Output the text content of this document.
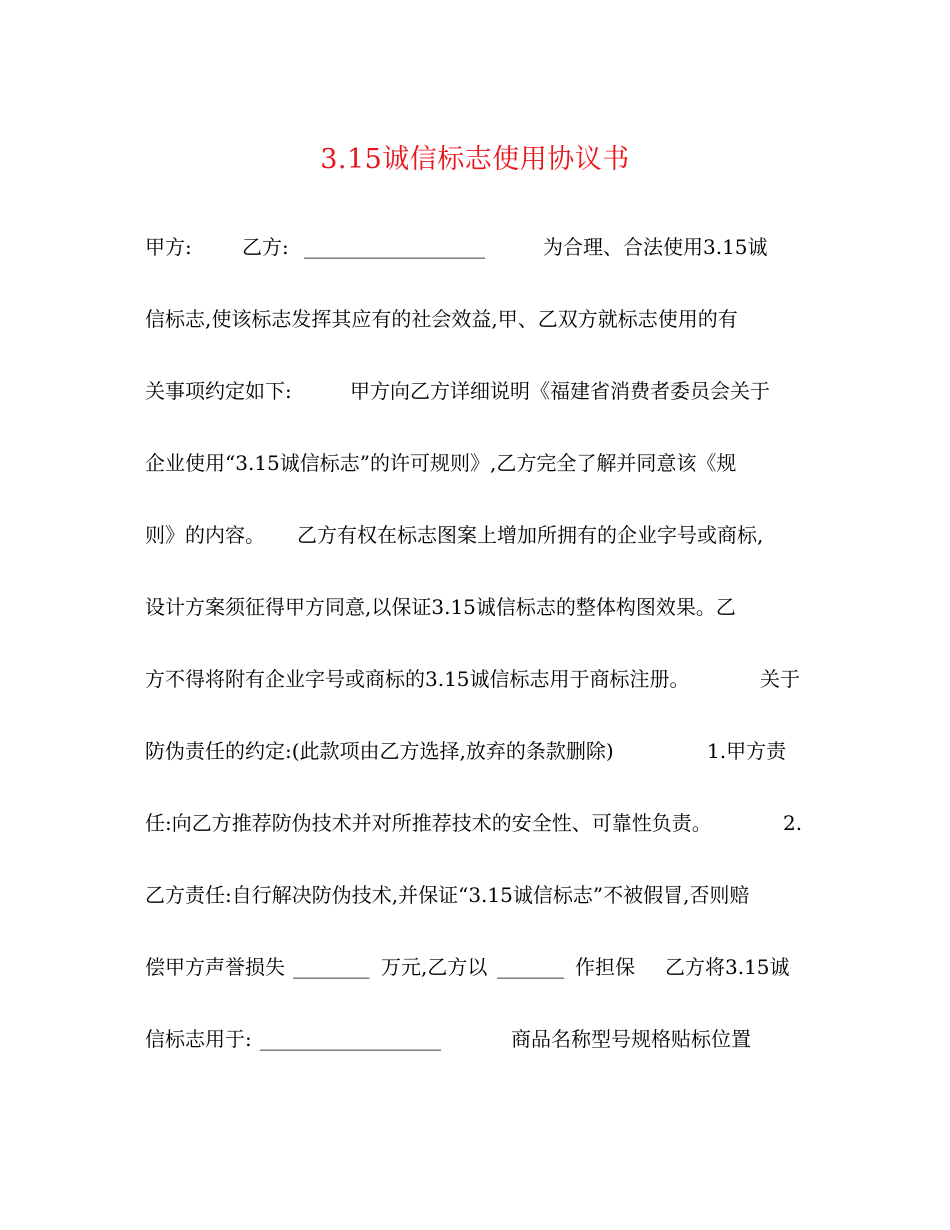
3.15诚信标志使用协议书
甲方:	乙方: ___________________	为合理、合法使用3.15诚
信标志,使该标志发挥其应有的社会效益,甲、乙双方就标志使用的有
关事项约定如下:	甲方向乙方详细说明《福建省消费者委员会关于
企业使用“3.15诚信标志”的许可规则》,乙方完全了解并同意该《规
则》的内容。 乙方有权在标志图案上增加所拥有的企业字号或商标,
设计方案须征得甲方同意,以保证3.15诚信标志的整体构图效果。乙
方不得将附有企业字号或商标的3.15诚信标志用于商标注册。	关于
防伪责任的约定:(此款项由乙方选择,放弃的条款删除)	1.甲方责
任:向乙方推荐防伪技术并对所推荐技术的安全性、可靠性负责。	2.
乙方责任:自行解决防伪技术,并保证“3.15诚信标志”不被假冒,否则赔
偿甲方声誉损失 ________ 万元,乙方以 _______ 作担保 乙方将3.15诚
信标志用于: ___________________	商品名称型号规格贴标位置
